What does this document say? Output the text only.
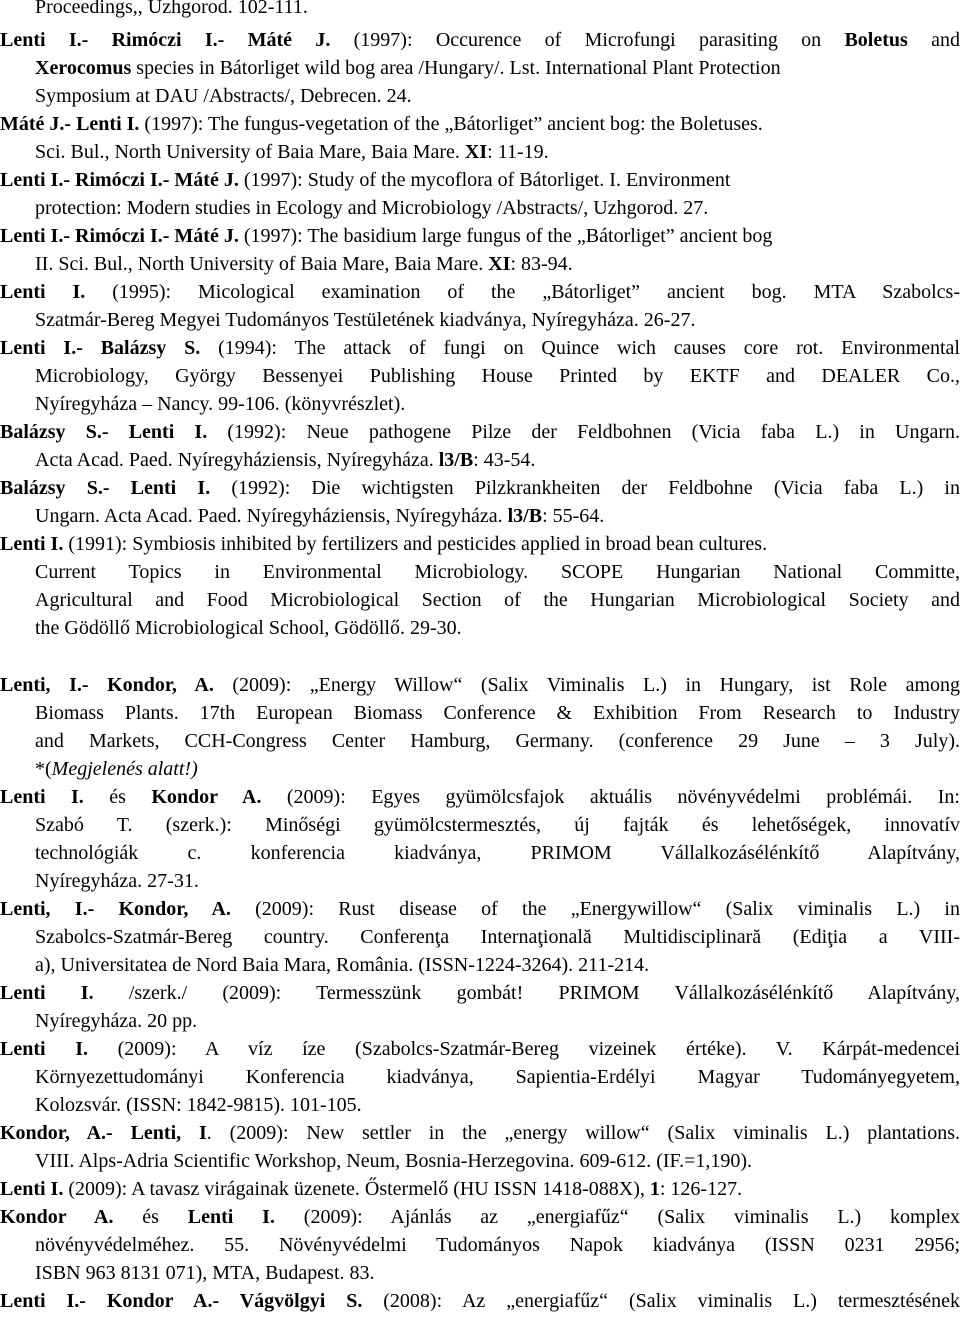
Proceedings,, Uzhgorod. 102-111.
Lenti I.- Rimóczi I.- Máté J. (1997): Occurence of Microfungi parasiting on Boletus and
Xerocomus species in Bátorliget wild bog area /Hungary/. Lst. International Plant Protection
Symposium at DAU /Abstracts/, Debrecen. 24.
Máté J.- Lenti I. (1997): The fungus-vegetation of the „Bátorliget” ancient bog: the Boletuses.
Sci. Bul., North University of Baia Mare, Baia Mare. XI: 11-19.
Lenti I.- Rimóczi I.- Máté J. (1997): Study of the mycoflora of Bátorliget. I. Environment
protection: Modern studies in Ecology and Microbiology /Abstracts/, Uzhgorod. 27.
Lenti I.- Rimóczi I.- Máté J. (1997): The basidium large fungus of the „Bátorliget” ancient bog
II. Sci. Bul., North University of Baia Mare, Baia Mare. XI: 83-94.
Lenti I. (1995): Micological examination of the „Bátorliget” ancient bog. MTA Szabolcs-
Szatmár-Bereg Megyei Tudományos Testületének kiadványa, Nyíregyháza. 26-27.
Lenti I.- Balázsy S. (1994): The attack of fungi on Quince wich causes core rot. Environmental
Microbiology, György Bessenyei Publishing House Printed by EKTF and DEALER Co.,
Nyíregyháza – Nancy. 99-106. (könyvrészlet).
Balázsy S.- Lenti I. (1992): Neue pathogene Pilze der Feldbohnen (Vicia faba L.) in Ungarn.
Acta Acad. Paed. Nyíregyháziensis, Nyíregyháza. l3/B: 43-54.
Balázsy S.- Lenti I. (1992): Die wichtigsten Pilzkrankheiten der Feldbohne (Vicia faba L.) in
Ungarn. Acta Acad. Paed. Nyíregyháziensis, Nyíregyháza. l3/B: 55-64.
Lenti I. (1991): Symbiosis inhibited by fertilizers and pesticides applied in broad bean cultures.
Current Topics in Environmental Microbiology. SCOPE Hungarian National Committe,
Agricultural and Food Microbiological Section of the Hungarian Microbiological Society and
the Gödöllő Microbiological School, Gödöllő. 29-30.
Lenti, I.- Kondor, A. (2009): „Energy Willow“ (Salix Viminalis L.) in Hungary, ist Role among
Biomass Plants. 17th European Biomass Conference & Exhibition From Research to Industry
and Markets, CCH-Congress Center Hamburg, Germany. (conference 29 June – 3 July).
*(Megjelenés alatt!)
Lenti I. és Kondor A. (2009): Egyes gyümölcsfajok aktuális növényvédelmi problémái. In:
Szabó T. (szerk.): Minőségi gyümölcstermesztés, új fajták és lehetőségek, innovatív
technológiák c. konferencia kiadványa, PRIMOM Vállalkozásélénkítő Alapítvány,
Nyíregyháza. 27-31.
Lenti, I.- Kondor, A. (2009): Rust disease of the „Energywillow“ (Salix viminalis L.) in
Szabolcs-Szatmár-Bereg country. Conferenţa Internaţională Multidisciplinară (Ediţia a VIII-
a), Universitatea de Nord Baia Mara, România. (ISSN-1224-3264). 211-214.
Lenti I. /szerk./ (2009): Termesszünk gombát! PRIMOM Vállalkozásélénkítő Alapítvány,
Nyíregyháza. 20 pp.
Lenti I. (2009): A víz íze (Szabolcs-Szatmár-Bereg vizeinek értéke). V. Kárpát-medencei
Környezettudományi Konferencia kiadványa, Sapientia-Erdélyi Magyar Tudományegyetem,
Kolozsvár. (ISSN: 1842-9815). 101-105.
Kondor, A.- Lenti, I. (2009): New settler in the „energy willow“ (Salix viminalis L.) plantations.
VIII. Alps-Adria Scientific Workshop, Neum, Bosnia-Herzegovina. 609-612. (IF.=1,190).
Lenti I. (2009): A tavasz virágainak üzenete. Őstermelő (HU ISSN 1418-088X), 1: 126-127.
Kondor A. és Lenti I. (2009): Ajánlás az „energiafűz“ (Salix viminalis L.) komplex
növényvédelméhez. 55. Növényvédelmi Tudományos Napok kiadványa (ISSN 0231 2956;
ISBN 963 8131 071), MTA, Budapest. 83.
Lenti I.- Kondor A.- Vágvölgyi S. (2008): Az „energiafűz“ (Salix viminalis L.) termesztésének
